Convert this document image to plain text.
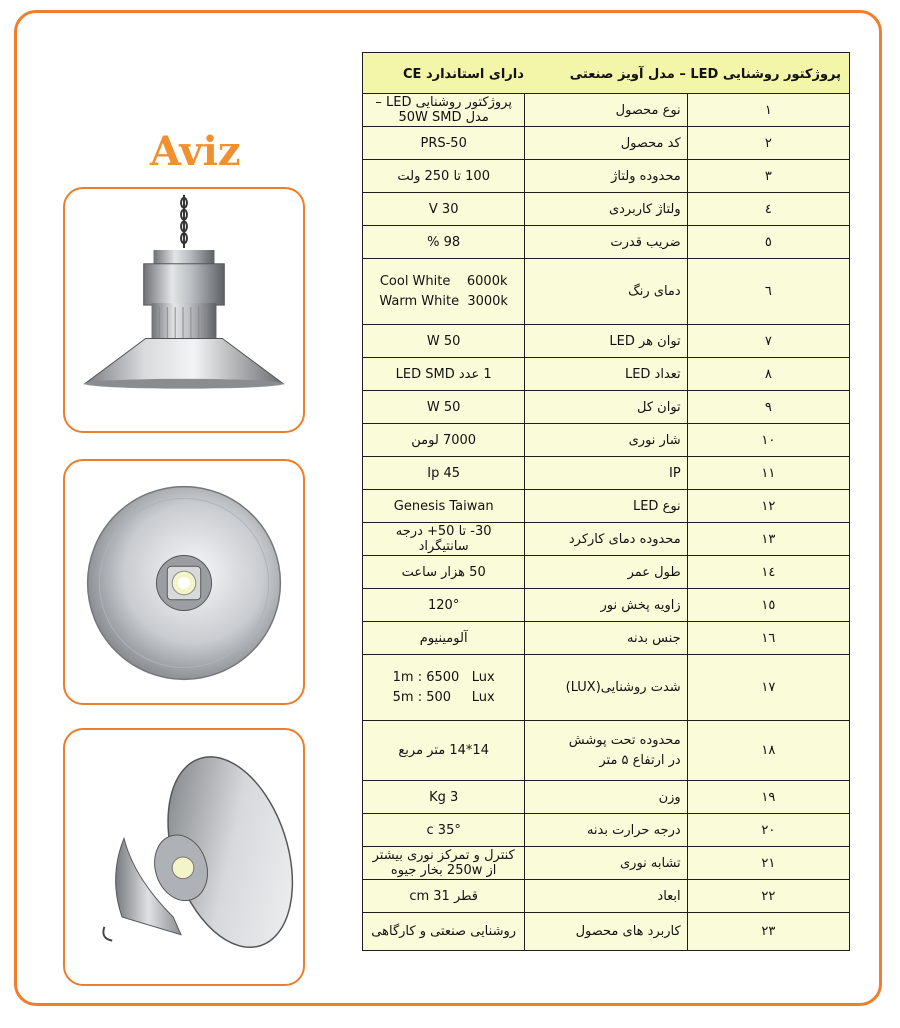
Aviz
پروژکتور روشنایی LED – مدل آویز صنعتی
دارای استاندارد CE		

۱	نوع محصول	پروژکتور روشنایی LED – مدل 50W SMD
۲	کد محصول	PRS-50
۳	محدوده ولتاژ	100 تا 250 ولت
٤	ولتاژ کاربردی	30 V
٥	ضریب قدرت	98 %
٦	دمای رنگ	Cool White    6000k
Warm White  3000k

۷	توان هر LED	50 W
۸	تعداد LED	1 عدد LED SMD
۹	توان کل	50 W
۱۰	شار نوری	7000 لومن
۱۱	IP	Ip 45
۱۲	نوع LED	Genesis Taiwan
۱۳	محدوده دمای کارکرد	30- تا 50+ درجه سانتیگراد
۱٤	طول عمر	50 هزار ساعت
۱٥	زاویه پخش نور	120°
۱٦	جنس بدنه	آلومینیوم
۱۷	شدت روشنایی(LUX)	1m : 6500   Lux
5m : 500     Lux

۱۸	محدوده تحت پوشش
در ارتفاع ۵ متر	14*14 متر مربع
۱۹	وزن	3 Kg
۲۰	درجه حرارت بدنه	35° c
۲۱	تشابه نوری	کنترل و تمرکز نوری بیشتر از 250w بخار جیوه
۲۲	ابعاد	قطر 31 cm
۲۳	کاربرد های محصول	روشنایی صنعتی و کارگاهی
